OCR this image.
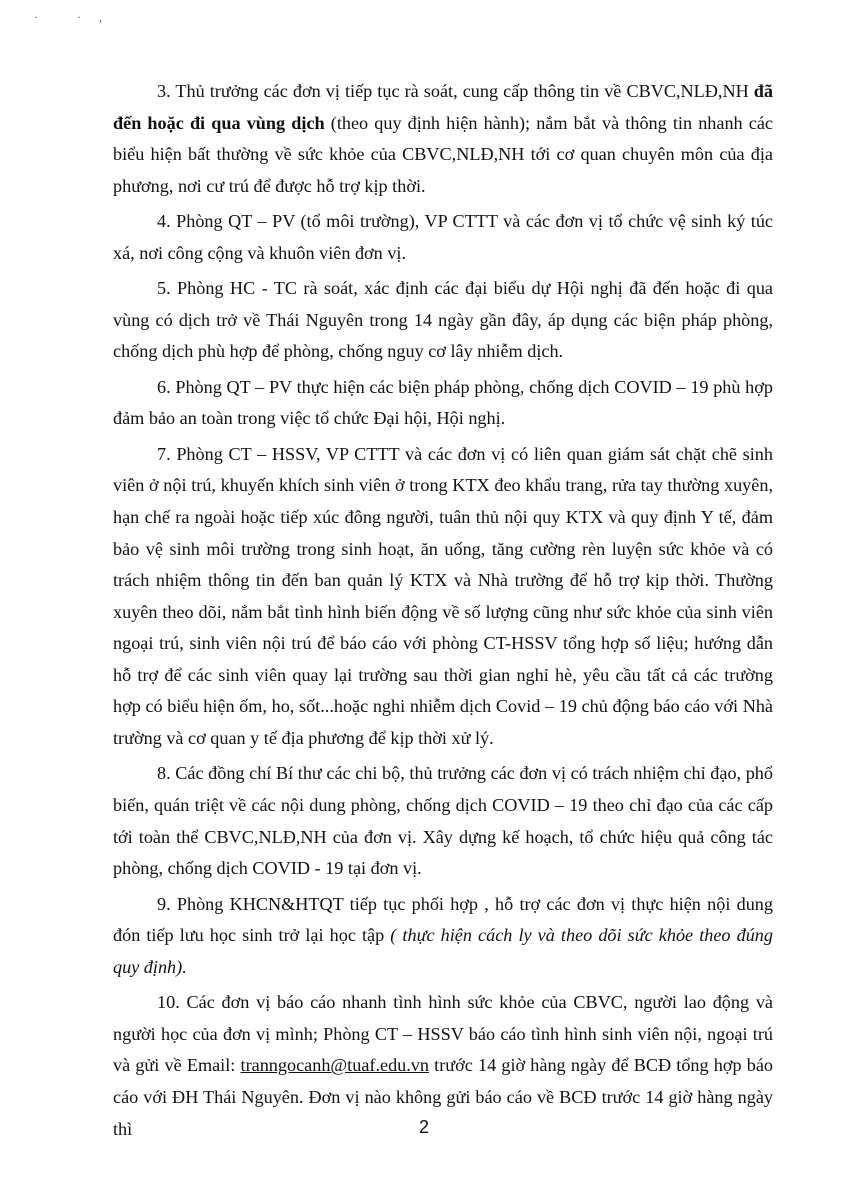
· ·,

3. Thủ trưởng các đơn vị tiếp tục rà soát, cung cấp thông tin về CBVC,NLĐ,NH đã đến hoặc đi qua vùng dịch (theo quy định hiện hành); nắm bắt và thông tin nhanh các biểu hiện bất thường về sức khỏe của CBVC,NLĐ,NH tới cơ quan chuyên môn của địa phương, nơi cư trú để được hỗ trợ kịp thời.

4. Phòng QT – PV (tổ môi trường), VP CTTT và các đơn vị tổ chức vệ sinh ký túc xá, nơi công cộng và khuôn viên đơn vị.

5. Phòng HC - TC rà soát, xác định các đại biểu dự Hội nghị đã đến hoặc đi qua vùng có dịch trở về Thái Nguyên trong 14 ngày gần đây, áp dụng các biện pháp phòng, chống dịch phù hợp để phòng, chống nguy cơ lây nhiễm dịch.

6. Phòng QT – PV thực hiện các biện pháp phòng, chống dịch COVID – 19 phù hợp đảm bảo an toàn trong việc tổ chức Đại hội, Hội nghị.

7. Phòng CT – HSSV, VP CTTT và các đơn vị có liên quan giám sát chặt chẽ sinh viên ở nội trú, khuyến khích sinh viên ở trong KTX đeo khẩu trang, rửa tay thường xuyên, hạn chế ra ngoài hoặc tiếp xúc đông người, tuân thủ nội quy KTX và quy định Y tế, đảm bảo vệ sinh môi trường trong sinh hoạt, ăn uống, tăng cường rèn luyện sức khỏe và có trách nhiệm thông tin đến ban quản lý KTX và Nhà trường để hỗ trợ kịp thời. Thường xuyên theo dõi, nắm bắt tình hình biến động về số lượng cũng như sức khỏe của sinh viên ngoại trú, sinh viên nội trú để báo cáo với phòng CT-HSSV tổng hợp số liệu; hướng dẫn hỗ trợ để các sinh viên quay lại trường sau thời gian nghỉ hè, yêu cầu tất cả các trường hợp có biểu hiện ốm, ho, sốt...hoặc nghi nhiễm dịch Covid – 19 chủ động báo cáo với Nhà trường và cơ quan y tế địa phương để kịp thời xử lý.

8. Các đồng chí Bí thư các chi bộ, thủ trưởng các đơn vị có trách nhiệm chỉ đạo, phổ biến, quán triệt về các nội dung phòng, chống dịch COVID – 19 theo chỉ đạo của các cấp tới toàn thể CBVC,NLĐ,NH của đơn vị. Xây dựng kế hoạch, tổ chức hiệu quả công tác phòng, chống dịch COVID - 19 tại đơn vị.

9. Phòng KHCN&HTQT tiếp tục phối hợp , hỗ trợ các đơn vị thực hiện nội dung đón tiếp lưu học sinh trở lại học tập ( thực hiện cách ly và theo dõi sức khỏe theo đúng quy định).

10. Các đơn vị báo cáo nhanh tình hình sức khỏe của CBVC, người lao động và người học của đơn vị mình; Phòng CT – HSSV báo cáo tình hình sinh viên nội, ngoại trú và gửi về Email: tranngocanh@tuaf.edu.vn trước 14 giờ hàng ngày để BCĐ tổng hợp báo cáo với ĐH Thái Nguyên. Đơn vị nào không gửi báo cáo về BCĐ trước 14 giờ hàng ngày thì	2
